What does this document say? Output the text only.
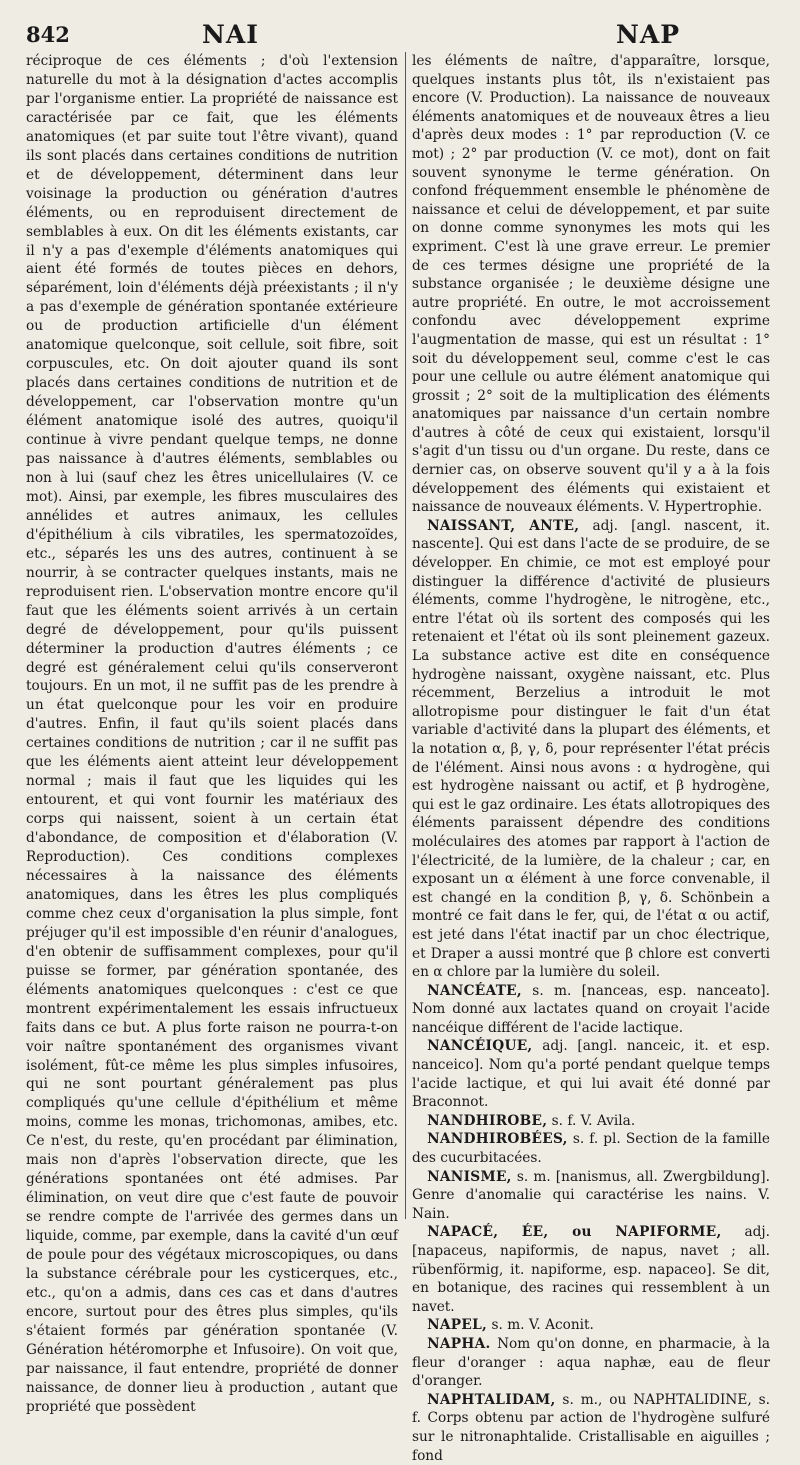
842	NAI	NAP

réciproque de ces éléments ; d'où l'extension naturelle du mot à la désignation d'actes accomplis par l'organisme entier. La propriété de naissance est caractérisée par ce fait, que les éléments anatomiques (et par suite tout l'être vivant), quand ils sont placés dans certaines conditions de nutrition et de développement, déterminent dans leur voisinage la production ou génération d'autres éléments, ou en reproduisent directement de semblables à eux. On dit les éléments existants, car il n'y a pas d'exemple d'éléments anatomiques qui aient été formés de toutes pièces en dehors, séparément, loin d'éléments déjà préexistants ; il n'y a pas d'exemple de génération spontanée extérieure ou de production artificielle d'un élément anatomique quelconque, soit cellule, soit fibre, soit corpuscules, etc. On doit ajouter quand ils sont placés dans certaines conditions de nutrition et de développement, car l'observation montre qu'un élément anatomique isolé des autres, quoiqu'il continue à vivre pendant quelque temps, ne donne pas naissance à d'autres éléments, semblables ou non à lui (sauf chez les êtres unicellulaires (V. ce mot). Ainsi, par exemple, les fibres musculaires des annélides et autres animaux, les cellules d'épithélium à cils vibratiles, les spermatozoïdes, etc., séparés les uns des autres, continuent à se nourrir, à se contracter quelques instants, mais ne reproduisent rien. L'observation montre encore qu'il faut que les éléments soient arrivés à un certain degré de développement, pour qu'ils puissent déterminer la production d'autres éléments ; ce degré est généralement celui qu'ils conserveront toujours. En un mot, il ne suffit pas de les prendre à un état quelconque pour les voir en produire d'autres. Enfin, il faut qu'ils soient placés dans certaines conditions de nutrition ; car il ne suffit pas que les éléments aient atteint leur développement normal ; mais il faut que les liquides qui les entourent, et qui vont fournir les matériaux des corps qui naissent, soient à un certain état d'abondance, de composition et d'élaboration (V. Reproduction). Ces conditions complexes nécessaires à la naissance des éléments anatomiques, dans les êtres les plus compliqués comme chez ceux d'organisation la plus simple, font préjuger qu'il est impossible d'en réunir d'analogues, d'en obtenir de suffisamment complexes, pour qu'il puisse se former, par génération spontanée, des éléments anatomiques quelconques : c'est ce que montrent expérimentalement les essais infructueux faits dans ce but. A plus forte raison ne pourra-t-on voir naître spontanément des organismes vivant isolément, fût-ce même les plus simples infusoires, qui ne sont pourtant généralement pas plus compliqués qu'une cellule d'épithélium et même moins, comme les monas, trichomonas, amibes, etc. Ce n'est, du reste, qu'en procédant par élimination, mais non d'après l'observation directe, que les générations spontanées ont été admises. Par élimination, on veut dire que c'est faute de pouvoir se rendre compte de l'arrivée des germes dans un liquide, comme, par exemple, dans la cavité d'un œuf de poule pour des végétaux microscopiques, ou dans la substance cérébrale pour les cysticerques, etc., etc., qu'on a admis, dans ces cas et dans d'autres encore, surtout pour des êtres plus simples, qu'ils s'étaient formés par génération spontanée (V. Génération hétéromorphe et Infusoire). On voit que, par naissance, il faut entendre, propriété de donner naissance, de donner lieu à production , autant que propriété que possèdent

les éléments de naître, d'apparaître, lorsque, quelques instants plus tôt, ils n'existaient pas encore (V. Production). La naissance de nouveaux éléments anatomiques et de nouveaux êtres a lieu d'après deux modes : 1° par reproduction (V. ce mot) ; 2° par production (V. ce mot), dont on fait souvent synonyme le terme génération. On confond fréquemment ensemble le phénomène de naissance et celui de développement, et par suite on donne comme synonymes les mots qui les expriment. C'est là une grave erreur. Le premier de ces termes désigne une propriété de la substance organisée ; le deuxième désigne une autre propriété. En outre, le mot accroissement confondu avec développement exprime l'augmentation de masse, qui est un résultat : 1° soit du développement seul, comme c'est le cas pour une cellule ou autre élément anatomique qui grossit ; 2° soit de la multiplication des éléments anatomiques par naissance d'un certain nombre d'autres à côté de ceux qui existaient, lorsqu'il s'agit d'un tissu ou d'un organe. Du reste, dans ce dernier cas, on observe souvent qu'il y a à la fois développement des éléments qui existaient et naissance de nouveaux éléments. V. Hypertrophie.

NAISSANT, ANTE, adj. [angl. nascent, it. nascente]. Qui est dans l'acte de se produire, de se développer. En chimie, ce mot est employé pour distinguer la différence d'activité de plusieurs éléments, comme l'hydrogène, le nitrogène, etc., entre l'état où ils sortent des composés qui les retenaient et l'état où ils sont pleinement gazeux. La substance active est dite en conséquence hydrogène naissant, oxygène naissant, etc. Plus récemment, Berzelius a introduit le mot allotropisme pour distinguer le fait d'un état variable d'activité dans la plupart des éléments, et la notation α, β, γ, δ, pour représenter l'état précis de l'élément. Ainsi nous avons : α hydrogène, qui est hydrogène naissant ou actif, et β hydrogène, qui est le gaz ordinaire. Les états allotropiques des éléments paraissent dépendre des conditions moléculaires des atomes par rapport à l'action de l'électricité, de la lumière, de la chaleur ; car, en exposant un α élément à une force convenable, il est changé en la condition β, γ, δ. Schönbein a montré ce fait dans le fer, qui, de l'état α ou actif, est jeté dans l'état inactif par un choc électrique, et Draper a aussi montré que β chlore est converti en α chlore par la lumière du soleil.

NANCÉATE, s. m. [nanceas, esp. nanceato]. Nom donné aux lactates quand on croyait l'acide nancéique différent de l'acide lactique.

NANCÉIQUE, adj. [angl. nanceic, it. et esp. nanceico]. Nom qu'a porté pendant quelque temps l'acide lactique, et qui lui avait été donné par Braconnot.

NANDHIROBE, s. f. V. Avila.

NANDHIROBÉES, s. f. pl. Section de la famille des cucurbitacées.

NANISME, s. m. [nanismus, all. Zwergbildung]. Genre d'anomalie qui caractérise les nains. V. Nain.

NAPACÉ, ÉE, ou NAPIFORME, adj. [napaceus, napiformis, de napus, navet ; all. rübenförmig, it. napiforme, esp. napaceo]. Se dit, en botanique, des racines qui ressemblent à un navet.

NAPEL, s. m. V. Aconit.

NAPHA. Nom qu'on donne, en pharmacie, à la fleur d'oranger : aqua naphæ, eau de fleur d'oranger.

NAPHTALIDAM, s. m., ou NAPHTALIDINE, s. f. Corps obtenu par action de l'hydrogène sulfuré sur le nitronaphtalide. Cristallisable en aiguilles ; fond
